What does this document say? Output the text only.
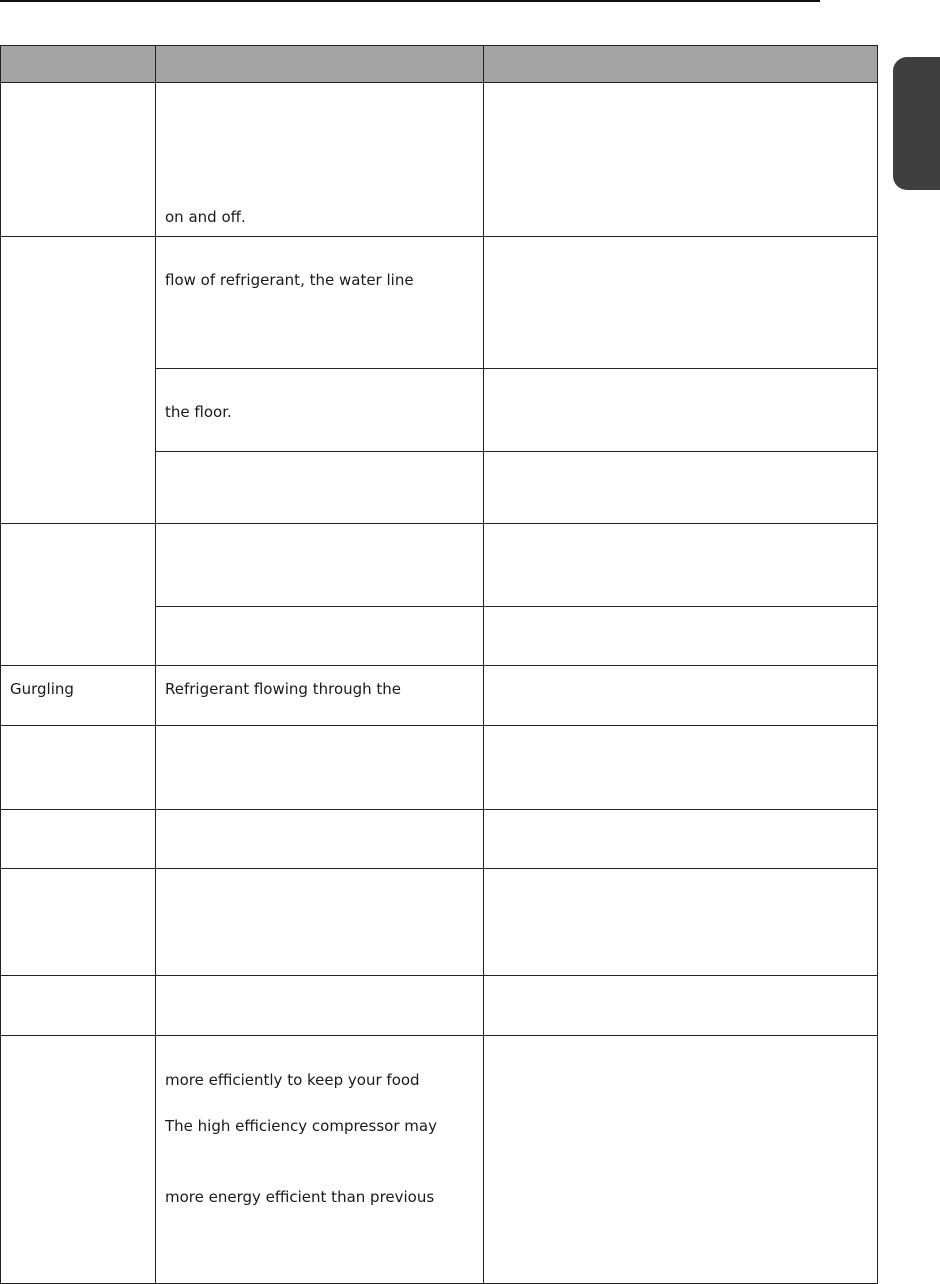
	on and off.	

	flow of refrigerant, the water line	

	the floor.	

Gurgling	Refrigerant flowing through the	

	more efficiently to keep your food
The high efficiency compressor may
more energy efficient than previous	
